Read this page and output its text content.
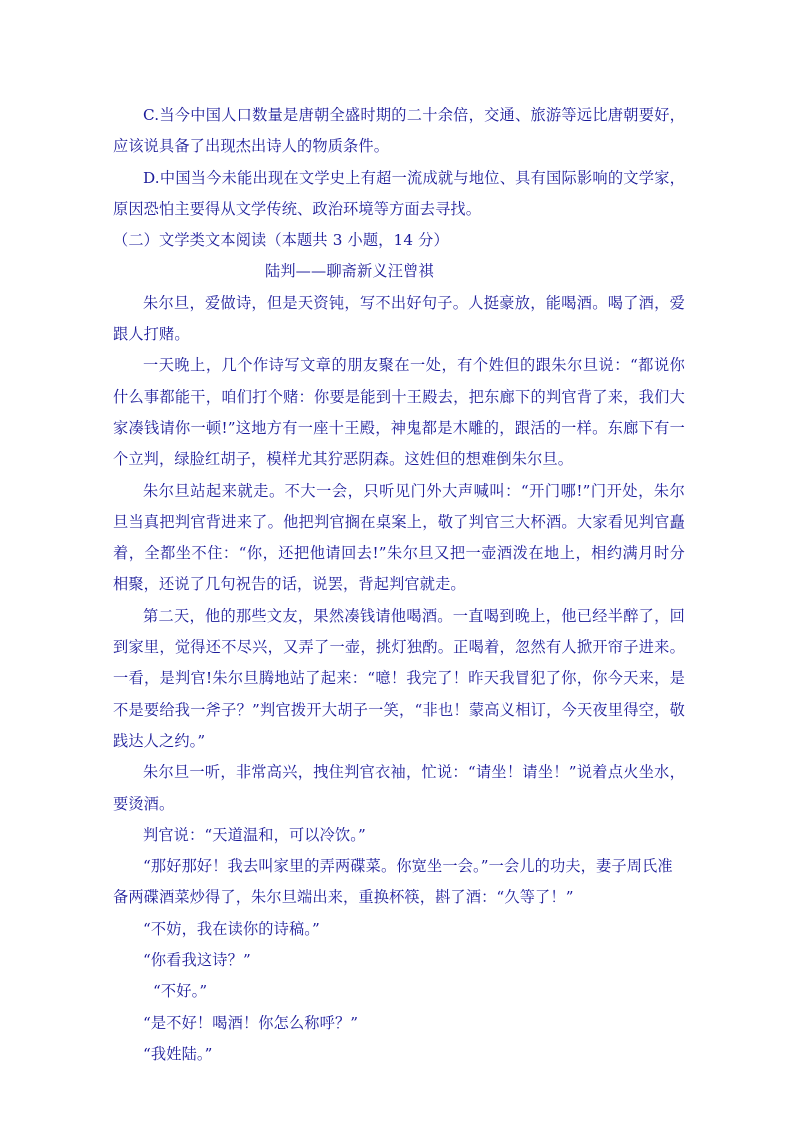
C.当今中国人口数量是唐朝全盛时期的二十余倍，交通、旅游等远比唐朝要好，应该说具备了出现杰出诗人的物质条件。

D.中国当今未能出现在文学史上有超一流成就与地位、具有国际影响的文学家，原因恐怕主要得从文学传统、政治环境等方面去寻找。

（二）文学类文本阅读（本题共 3 小题，14 分）

陆判——聊斋新义汪曾祺

朱尔旦，爱做诗，但是天资钝，写不出好句子。人挺豪放，能喝酒。喝了酒，爱跟人打赌。

一天晚上，几个作诗写文章的朋友聚在一处，有个姓但的跟朱尔旦说：“都说你什么事都能干，咱们打个赌：你要是能到十王殿去，把东廊下的判官背了来，我们大家凑钱请你一顿!”这地方有一座十王殿，神鬼都是木雕的，跟活的一样。东廊下有一个立判，绿脸红胡子，模样尤其狞恶阴森。这姓但的想难倒朱尔旦。

朱尔旦站起来就走。不大一会，只听见门外大声喊叫：“开门哪!”门开处，朱尔旦当真把判官背进来了。他把判官搁在桌案上，敬了判官三大杯酒。大家看见判官矗着，全都坐不住：“你，还把他请回去!”朱尔旦又把一壶酒泼在地上，相约满月时分相聚，还说了几句祝告的话，说罢，背起判官就走。

第二天，他的那些文友，果然凑钱请他喝酒。一直喝到晚上，他已经半醉了，回到家里，觉得还不尽兴，又弄了一壶，挑灯独酌。正喝着，忽然有人掀开帘子进来。一看，是判官!朱尔旦腾地站了起来：“噫！我完了！昨天我冒犯了你，你今天来，是不是要给我一斧子？”判官拨开大胡子一笑，“非也！蒙高义相订，今天夜里得空，敬践达人之约。”

朱尔旦一听，非常高兴，拽住判官衣袖，忙说：“请坐！请坐！”说着点火坐水，要烫酒。

判官说：“天道温和，可以冷饮。”

“那好那好！我去叫家里的弄两碟菜。你宽坐一会。”一会儿的功夫，妻子周氏准备两碟酒菜炒得了，朱尔旦端出来，重换杯筷，斟了酒：“久等了！”

“不妨，我在读你的诗稿。”

“你看我这诗？”

“不好。”

“是不好！喝酒！你怎么称呼？”

“我姓陆。”
